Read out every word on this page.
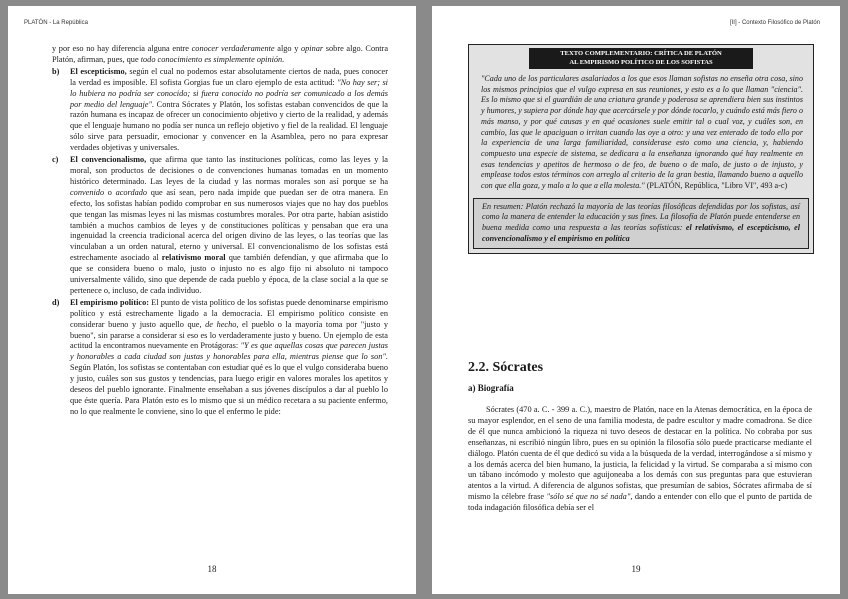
PLATÓN - La República

y por eso no hay diferencia alguna entre conocer verdaderamente algo y opinar sobre algo. Contra Platón, afirman, pues, que todo conocimiento es simplemente opinión.

b) El escepticismo, según el cual no podemos estar absolutamente ciertos de nada, pues conocer la verdad es imposible. El sofista Gorgias fue un claro ejemplo de esta actitud: "No hay ser; si lo hubiera no podría ser conocido; si fuera conocido no podría ser comunicado a los demás por medio del lenguaje". Contra Sócrates y Platón, los sofistas estaban convencidos de que la razón humana es incapaz de ofrecer un conocimiento objetivo y cierto de la realidad, y además que el lenguaje humano no podía ser nunca un reflejo objetivo y fiel de la realidad. El lenguaje sólo sirve para persuadir, emocionar y convencer en la Asamblea, pero no para expresar verdades objetivas y universales.

c) El convencionalismo, que afirma que tanto las instituciones políticas, como las leyes y la moral, son productos de decisiones o de convenciones humanas tomadas en un momento histórico determinado. Las leyes de la ciudad y las normas morales son así porque se ha convenido o acordado que así sean, pero nada impide que puedan ser de otra manera. En efecto, los sofistas habían podido comprobar en sus numerosos viajes que no hay dos pueblos que tengan las mismas leyes ni las mismas costumbres morales. Por otra parte, habían asistido también a muchos cambios de leyes y de constituciones políticas y pensaban que era una ingenuidad la creencia tradicional acerca del origen divino de las leyes, o las teorías que las vinculaban a un orden natural, eterno y universal. El convencionalismo de los sofistas está estrechamente asociado al relativismo moral que también defendían, y que afirmaba que lo que se considera bueno o malo, justo o injusto no es algo fijo ni absoluto ni tampoco universalmente válido, sino que depende de cada pueblo y época, de la clase social a la que se pertenece o, incluso, de cada individuo.

d) El empirismo político: El punto de vista político de los sofistas puede denominarse empirismo político y está estrechamente ligado a la democracia. El empirismo político consiste en considerar bueno y justo aquello que, de hecho, el pueblo o la mayoría toma por "justo y bueno", sin pararse a considerar si eso es lo verdaderamente justo y bueno. Un ejemplo de esta actitud la encontramos nuevamente en Protágoras: "Y es que aquellas cosas que parecen justas y honorables a cada ciudad son justas y honorables para ella, mientras piense que lo son". Según Platón, los sofistas se contentaban con estudiar qué es lo que el vulgo consideraba bueno y justo, cuáles son sus gustos y tendencias, para luego erigir en valores morales los apetitos y deseos del pueblo ignorante. Finalmente enseñaban a sus jóvenes discípulos a dar al pueblo lo que éste quería. Para Platón esto es lo mismo que si un médico recetara a su paciente enfermo, no lo que realmente le conviene, sino lo que el enfermo le pide:

18
[II] - Contexto Filosófico de Platón
TEXTO COMPLEMENTARIO: CRÍTICA DE PLATÓN
AL EMPIRISMO POLÍTICO DE LOS SOFISTAS

"Cada uno de los particulares asalariados a los que esos llaman sofistas no enseña otra cosa, sino los mismos principios que el vulgo expresa en sus reuniones, y esto es a lo que llaman "ciencia". Es lo mismo que si el guardián de una criatura grande y poderosa se aprendiera bien sus instintos y humores, y supiera por dónde hay que acercársele y por dónde tocarlo, y cuándo está más fiero o más manso, y por qué causas y en qué ocasiones suele emitir tal o cual voz, y cuáles son, en cambio, las que le apaciguan o irritan cuando las oye a otro: y una vez enterado de todo ello por la experiencia de una larga familiaridad, considerase esto como una ciencia, y, habiendo compuesto una especie de sistema, se dedicara a la enseñanza ignorando qué hay realmente en esas tendencias y apetitos de hermoso o de feo, de bueno o de malo, de justo o de injusto, y emplease todos estos términos con arreglo al criterio de la gran bestia, llamando bueno a aquello con que ella goza, y malo a lo que a ella molesta." (PLATÓN, República, "Libro VI", 493 a-c)

En resumen: Platón rechazó la mayoría de las teorías filosóficas defendidas por los sofistas, así como la manera de entender la educación y sus fines. La filosofía de Platón puede entenderse en buena medida como una respuesta a las teorías sofísticas: el relativismo, el escepticismo, el convencionalismo y el empirismo en política

2.2. Sócrates
a) Biografía

Sócrates (470 a. C. - 399 a. C.), maestro de Platón, nace en la Atenas democrática, en la época de su mayor esplendor, en el seno de una familia modesta, de padre escultor y madre comadrona. Se dice de él que nunca ambicionó la riqueza ni tuvo deseos de destacar en la política. No cobraba por sus enseñanzas, ni escribió ningún libro, pues en su opinión la filosofía sólo puede practicarse mediante el diálogo. Platón cuenta de él que dedicó su vida a la búsqueda de la verdad, interrogándose a sí mismo y a los demás acerca del bien humano, la justicia, la felicidad y la virtud. Se comparaba a sí mismo con un tábano incómodo y molesto que aguijoneaba a los demás con sus preguntas para que estuvieran atentos a la virtud. A diferencia de algunos sofistas, que presumían de sabios, Sócrates afirmaba de sí mismo la célebre frase "sólo sé que no sé nada", dando a entender con ello que el punto de partida de toda indagación filosófica debía ser el

19
